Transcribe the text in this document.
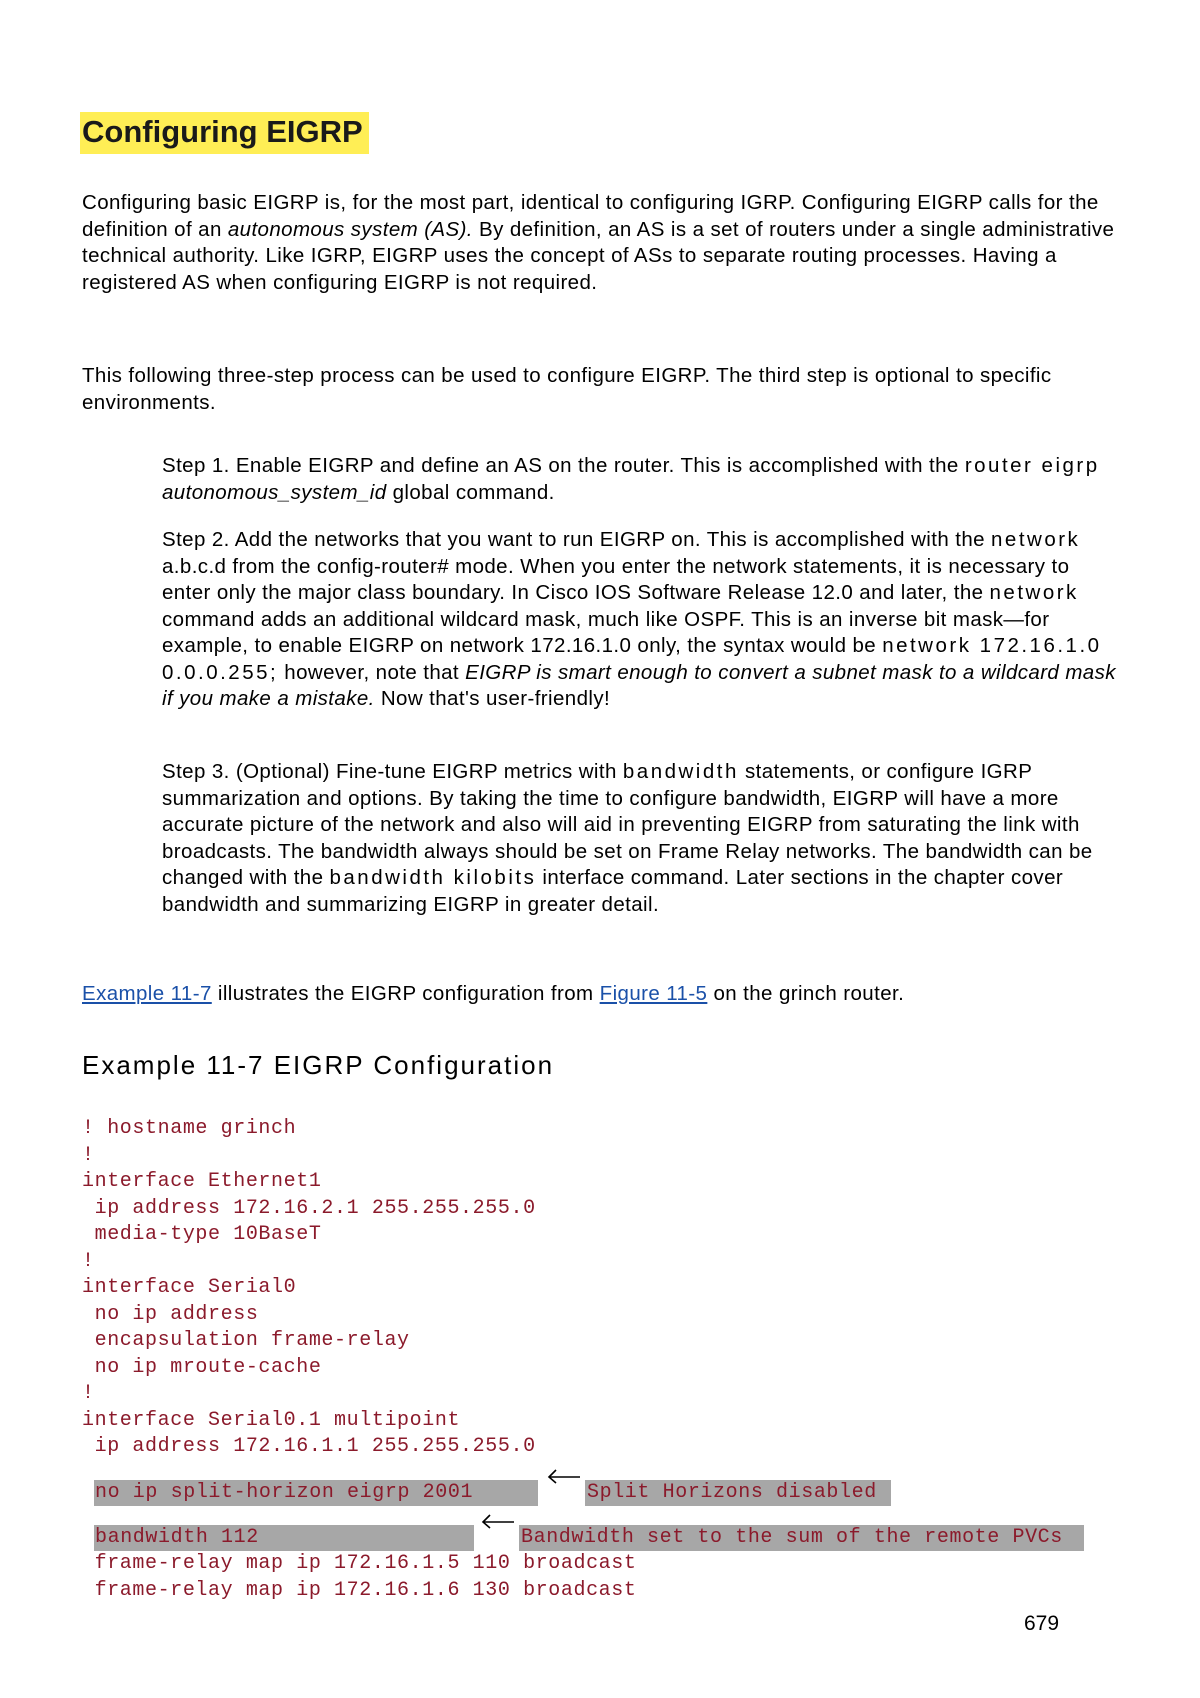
Configuring EIGRP
Configuring basic EIGRP is, for the most part, identical to configuring IGRP. Configuring EIGRP calls for the definition of an autonomous system (AS). By definition, an AS is a set of routers under a single administrative technical authority. Like IGRP, EIGRP uses the concept of ASs to separate routing processes. Having a registered AS when configuring EIGRP is not required.
This following three-step process can be used to configure EIGRP. The third step is optional to specific environments.
Step 1. Enable EIGRP and define an AS on the router. This is accomplished with the router eigrp autonomous_system_id global command.
Step 2. Add the networks that you want to run EIGRP on. This is accomplished with the network a.b.c.d from the config-router# mode. When you enter the network statements, it is necessary to enter only the major class boundary. In Cisco IOS Software Release 12.0 and later, the network command adds an additional wildcard mask, much like OSPF. This is an inverse bit mask—for example, to enable EIGRP on network 172.16.1.0 only, the syntax would be network 172.16.1.0 0.0.0.255; however, note that EIGRP is smart enough to convert a subnet mask to a wildcard mask if you make a mistake. Now that's user-friendly!
Step 3. (Optional) Fine-tune EIGRP metrics with bandwidth statements, or configure IGRP summarization and options. By taking the time to configure bandwidth, EIGRP will have a more accurate picture of the network and also will aid in preventing EIGRP from saturating the link with broadcasts. The bandwidth always should be set on Frame Relay networks. The bandwidth can be changed with the bandwidth kilobits interface command. Later sections in the chapter cover bandwidth and summarizing EIGRP in greater detail.
Example 11-7 illustrates the EIGRP configuration from Figure 11-5 on the grinch router.
Example 11-7 EIGRP Configuration
! hostname grinch
!
interface Ethernet1
ip address 172.16.2.1 255.255.255.0
media-type 10BaseT
!
interface Serial0
no ip address
encapsulation frame-relay
no ip mroute-cache
!
interface Serial0.1 multipoint
ip address 172.16.1.1 255.255.255.0
no ip split-horizon eigrp 2001	Split Horizons disabled
bandwidth 112	Bandwidth set to the sum of the remote PVCs
frame-relay map ip 172.16.1.5 110 broadcast
frame-relay map ip 172.16.1.6 130 broadcast
679
